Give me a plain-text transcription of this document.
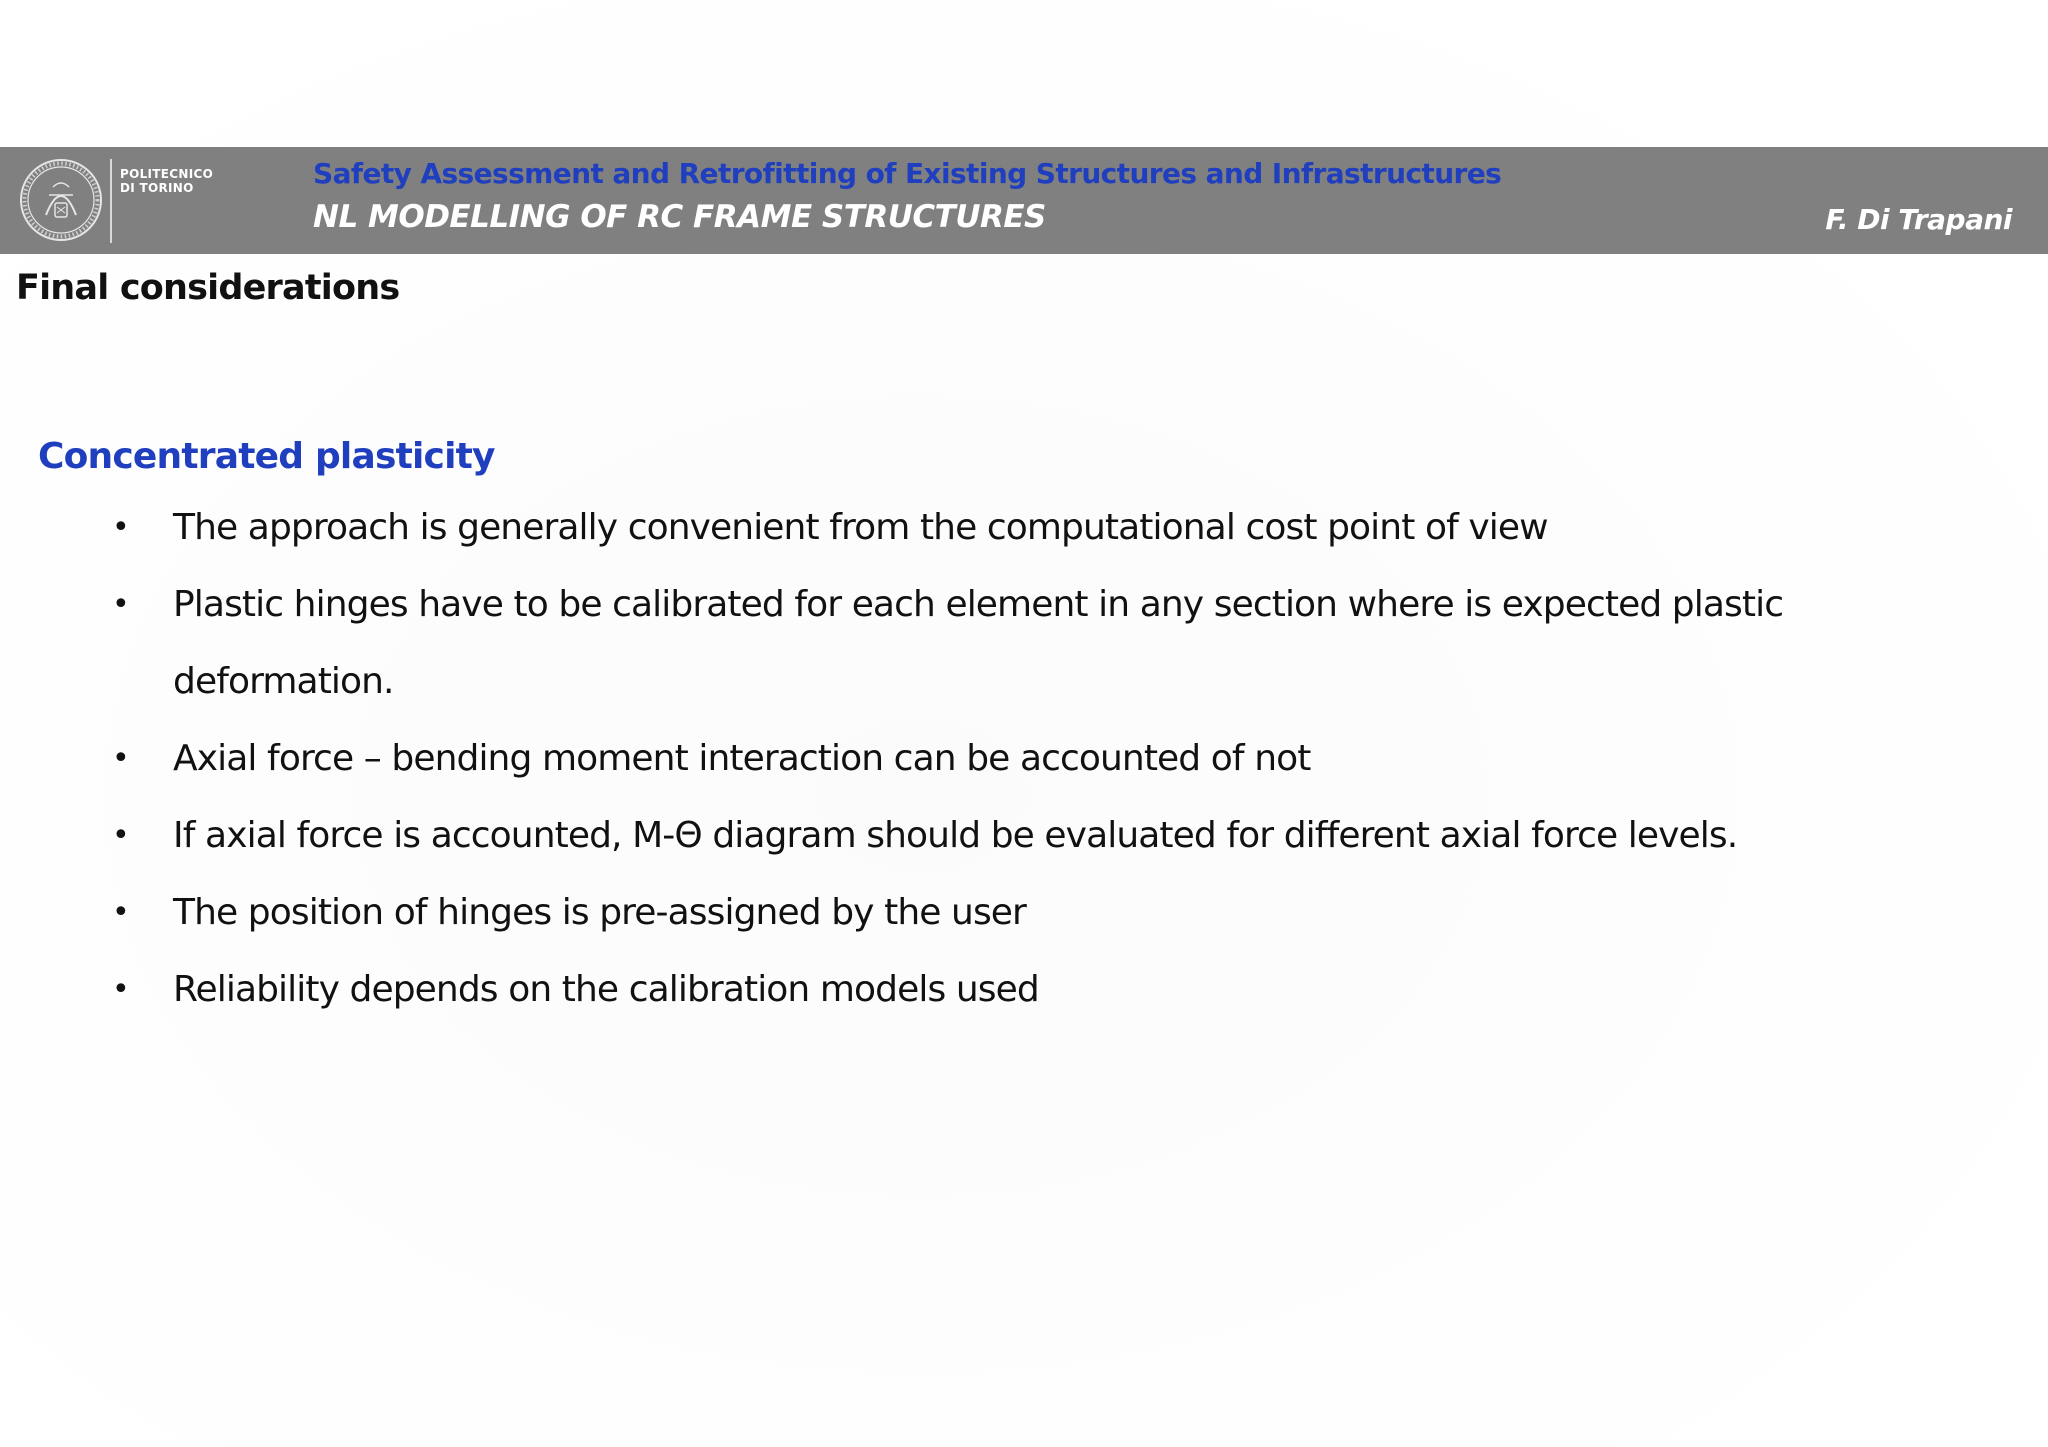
POLITECNICO
DI TORINO	Safety Assessment and Retrofitting of Existing Structures and Infrastructures
NL MODELLING OF RC FRAME STRUCTURES	F. Di Trapani
Final considerations
Concentrated plasticity
•	The approach is generally convenient from the computational cost point of view
•	Plastic hinges have to be calibrated for each element in any section where is expected plastic
deformation.
•	Axial force – bending moment interaction can be accounted of not
•	If axial force is accounted, M-Θ diagram should be evaluated for different axial force levels.
•	The position of hinges is pre-assigned by the user
•	Reliability depends on the calibration models used
